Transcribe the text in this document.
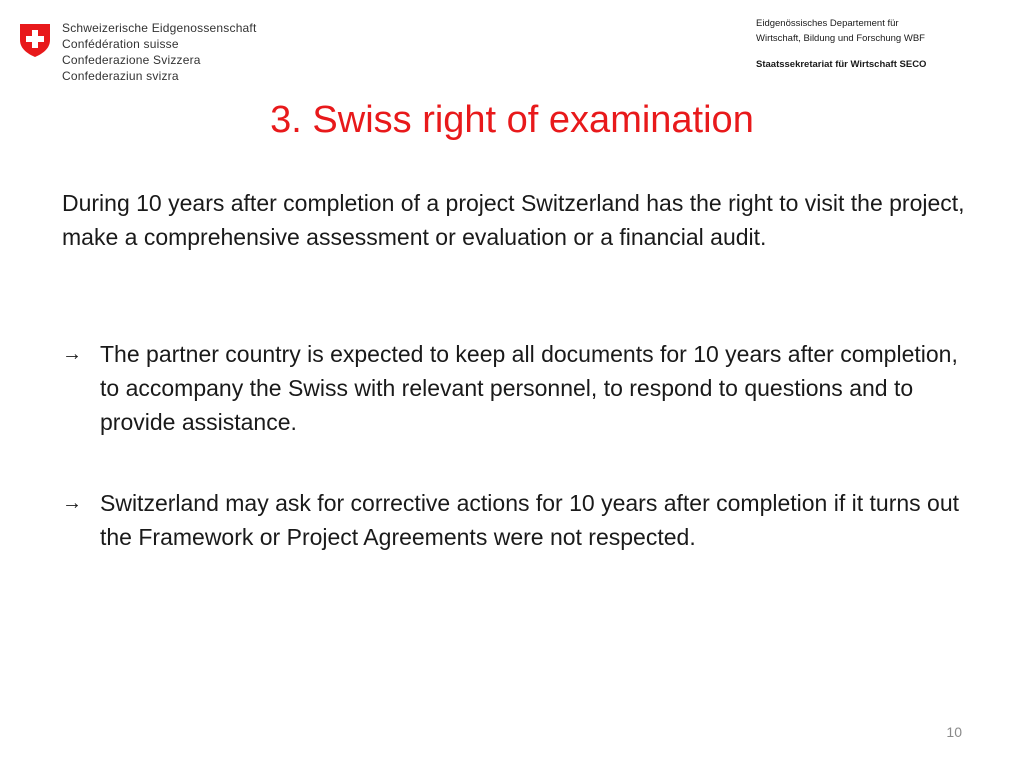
Schweizerische Eidgenossenschaft
Confédération suisse
Confederazione Svizzera
Confederaziun svizra
Eidgenössisches Departement für
Wirtschaft, Bildung und Forschung WBF
Staatssekretariat für Wirtschaft SECO
3. Swiss right of examination

During 10 years after completion of a project Switzerland has the right to visit the project, make a comprehensive assessment or evaluation or a financial audit.

→ The partner country is expected to keep all documents for 10 years after completion, to accompany the Swiss with relevant personnel, to respond to questions and to provide assistance.
→ Switzerland may ask for corrective actions for 10 years after completion if it turns out the Framework or Project Agreements were not respected.
10
